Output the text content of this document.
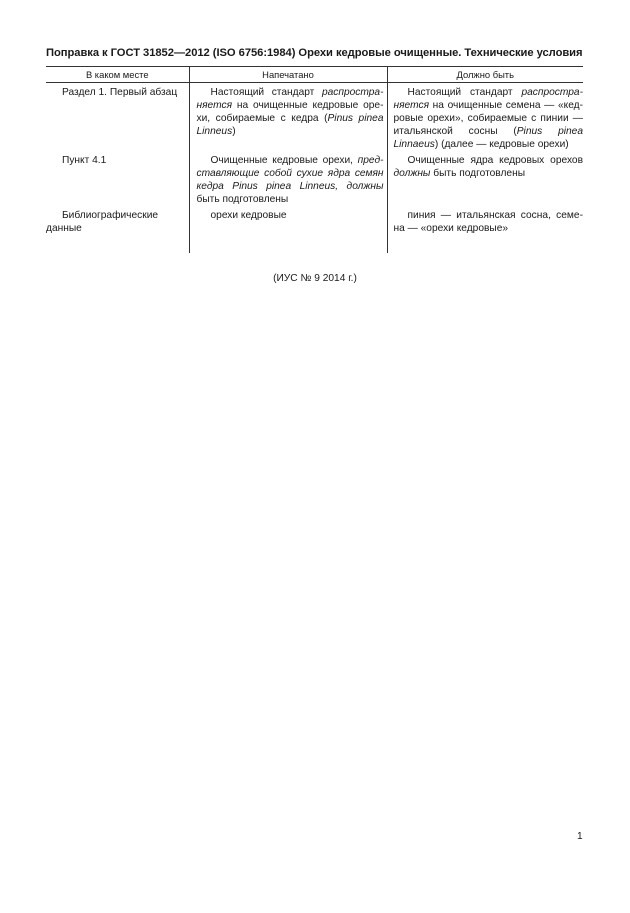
Поправка к ГОСТ 31852—2012 (ISO 6756:1984) Орехи кедровые очищенные. Технические условия
В каком месте	Напечатано	Должно быть

Раздел 1. Первый абзац	Настоящий стандарт распростра-няется на очищенные кедровые оре-хи, собираемые с кедра (Pinus pinea Linneus)	Настоящий стандарт распростра-няется на очищенные семена — «кед-ровые орехи», собираемые с пинии — итальянской сосны (Pinus pinea Linnaeus) (далее — кедровые орехи)

Пункт 4.1	Очищенные кедровые орехи, пред-ставляющие собой сухие ядра семян кедра Pinus pinea Linneus, должны быть подготовлены	Очищенные ядра кедровых орехов должны быть подготовлены

Библиографические данные	орехи кедровые	пиния — итальянская сосна, семе-на — «орехи кедровые»

(ИУС № 9 2014 г.)
1
